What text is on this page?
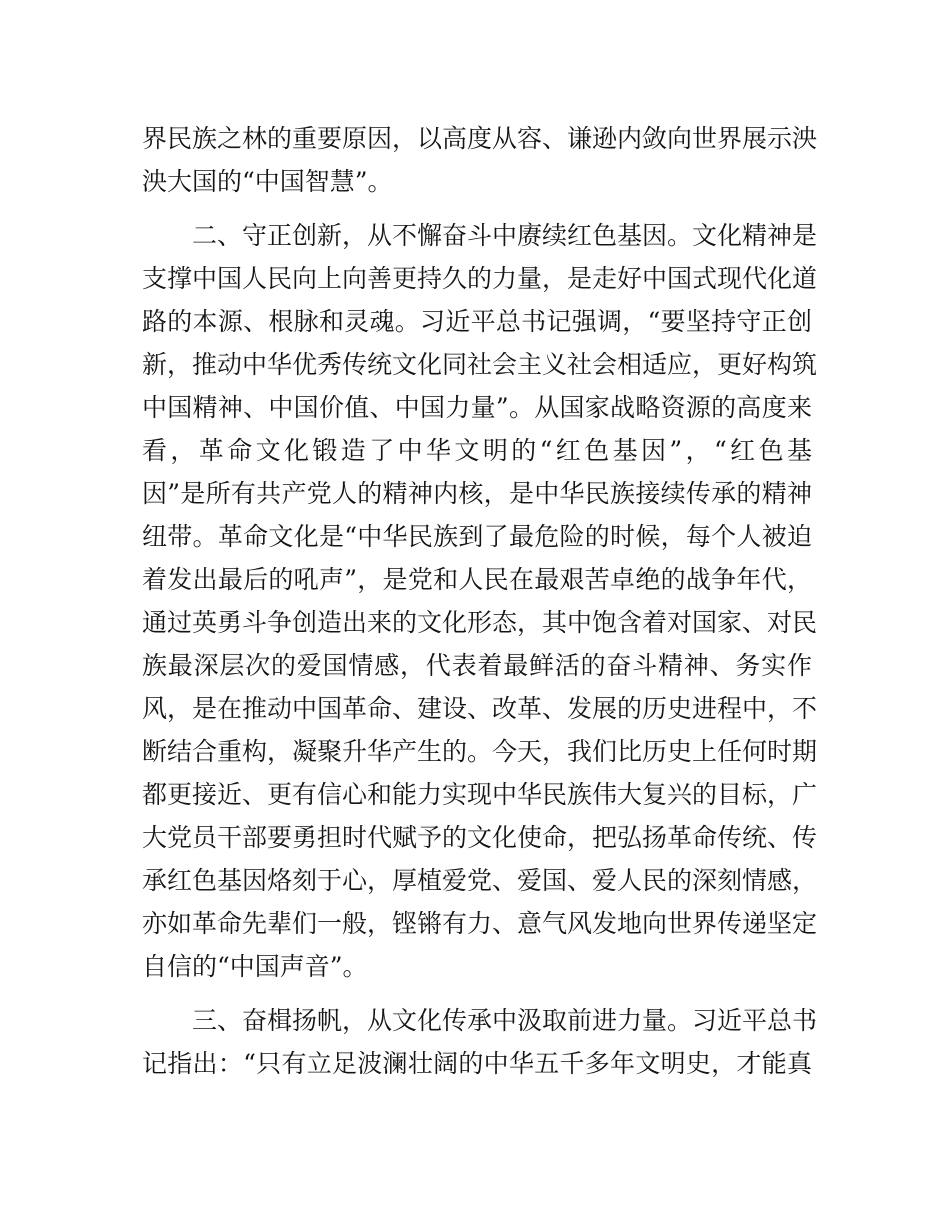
界民族之林的重要原因，以高度从容、谦逊内敛向世界展示泱
泱大国的“中国智慧”。
二、守正创新，从不懈奋斗中赓续红色基因。文化精神是
支撑中国人民向上向善更持久的力量，是走好中国式现代化道
路的本源、根脉和灵魂。习近平总书记强调，“要坚持守正创
新，推动中华优秀传统文化同社会主义社会相适应，更好构筑
中国精神、中国价值、中国力量”。从国家战略资源的高度来
看，革命文化锻造了中华文明的“红色基因”，“红色基
因”是所有共产党人的精神内核，是中华民族接续传承的精神
纽带。革命文化是“中华民族到了最危险的时候，每个人被迫
着发出最后的吼声”，是党和人民在最艰苦卓绝的战争年代，
通过英勇斗争创造出来的文化形态，其中饱含着对国家、对民
族最深层次的爱国情感，代表着最鲜活的奋斗精神、务实作
风，是在推动中国革命、建设、改革、发展的历史进程中，不
断结合重构，凝聚升华产生的。今天，我们比历史上任何时期
都更接近、更有信心和能力实现中华民族伟大复兴的目标，广
大党员干部要勇担时代赋予的文化使命，把弘扬革命传统、传
承红色基因烙刻于心，厚植爱党、爱国、爱人民的深刻情感，
亦如革命先辈们一般，铿锵有力、意气风发地向世界传递坚定
自信的“中国声音”。
三、奋楫扬帆，从文化传承中汲取前进力量。习近平总书
记指出：“只有立足波澜壮阔的中华五千多年文明史，才能真
